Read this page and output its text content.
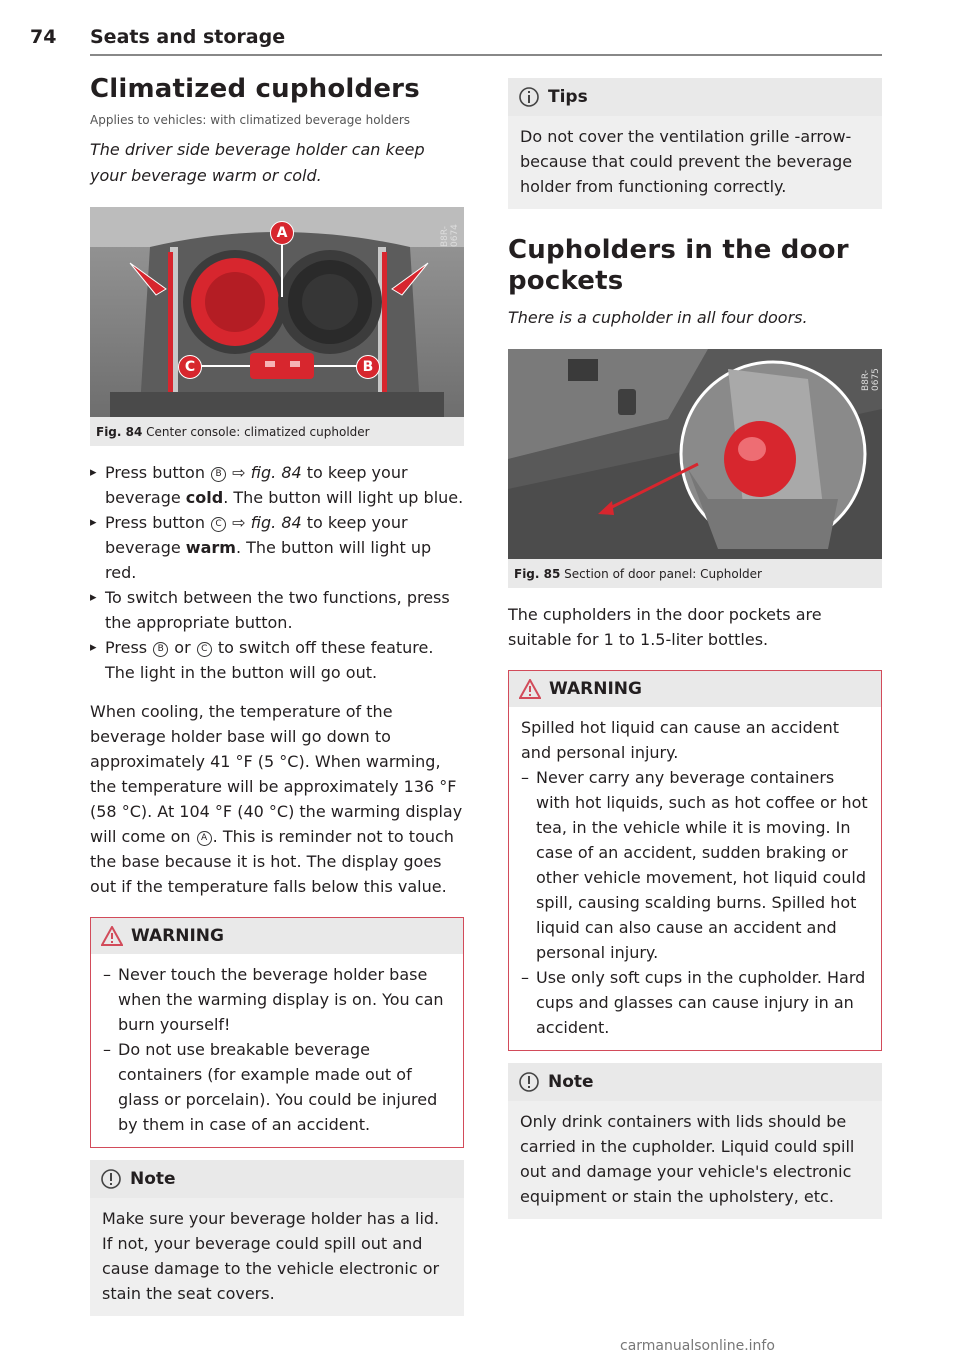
74 Seats and storage
Climatized cupholders
Applies to vehicles: with climatized beverage holders

The driver side beverage holder can keep your beverage warm or cold.

A
C	B
B8R-0674
Fig. 84 Center console: climatized cupholder
▸ Press button B ⇨ fig. 84 to keep your beverage cold. The button will light up blue.
▸ Press button C ⇨ fig. 84 to keep your beverage warm. The button will light up red.
▸ To switch between the two functions, press the appropriate button.
▸ Press B or C to switch off these feature. The light in the button will go out.

When cooling, the temperature of the beverage holder base will go down to approximately 41 °F (5 °C). When warming, the temperature will be approximately 136 °F (58 °C). At 104 °F (40 °C) the warming display will come on A . This is reminder not to touch the base because it is hot. The display goes out if the temperature falls below this value.

WARNING
– Never touch the beverage holder base when the warming display is on. You can burn yourself!
– Do not use breakable beverage containers (for example made out of glass or porcelain). You could be injured by them in case of an accident.
Note
Make sure your beverage holder has a lid. If not, your beverage could spill out and cause damage to the vehicle electronic or stain the seat covers.
Tips
Do not cover the ventilation grille -arrow- because that could prevent the beverage holder from functioning correctly.
Cupholders in the door pockets

There is a cupholder in all four doors.

B8R-0675
Fig. 85 Section of door panel: Cupholder

The cupholders in the door pockets are suitable for 1 to 1.5-liter bottles.

WARNING
Spilled hot liquid can cause an accident and personal injury.
– Never carry any beverage containers with hot liquids, such as hot coffee or hot tea, in the vehicle while it is moving. In case of an accident, sudden braking or other vehicle movement, hot liquid could spill, causing scalding burns. Spilled hot liquid can also cause an accident and personal injury.
– Use only soft cups in the cupholder. Hard cups and glasses can cause injury in an accident.
Note
Only drink containers with lids should be carried in the cupholder. Liquid could spill out and damage your vehicle's electronic equipment or stain the upholstery, etc.
carmanualsonline.info
